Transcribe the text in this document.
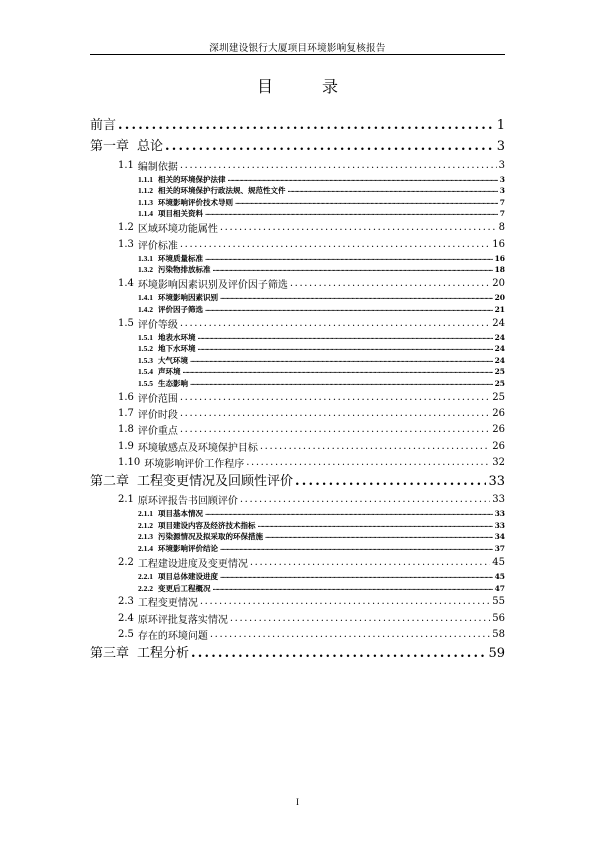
深圳建设银行大厦项目环境影响复核报告
目 录
前言 .....	1
第一章 总论 .....	3
1.1 编制依据 .....	3
1.1.1 相关的环境保护法律 .....	3
1.1.2 相关的环境保护行政法规、规范性文件 .....	3
1.1.3 环境影响评价技术导则 .....	7
1.1.4 项目相关资料 .....	7
1.2 区域环境功能属性 .....	8
1.3 评价标准 .....	16
1.3.1 环境质量标准 .....	16
1.3.2 污染物排放标准 .....	18
1.4 环境影响因素识别及评价因子筛选 .....	20
1.4.1 环境影响因素识别 .....	20
1.4.2 评价因子筛选 .....	21
1.5 评价等级 .....	24
1.5.1 地表水环境 .....	24
1.5.2 地下水环境 .....	24
1.5.3 大气环境 .....	24
1.5.4 声环境 .....	25
1.5.5 生态影响 .....	25
1.6 评价范围 .....	25
1.7 评价时段 .....	26
1.8 评价重点 .....	26
1.9 环境敏感点及环境保护目标 .....	26
1.10 环境影响评价工作程序 .....	32
第二章 工程变更情况及回顾性评价 .....	33
2.1 原环评报告书回顾评价 .....	33
2.1.1 项目基本情况 .....	33
2.1.2 项目建设内容及经济技术指标 .....	33
2.1.3 污染源情况及拟采取的环保措施 .....	34
2.1.4 环境影响评价结论 .....	37
2.2 工程建设进度及变更情况 .....	45
2.2.1 项目总体建设进度 .....	45
2.2.2 变更后工程概况 .....	47
2.3 工程变更情况 .....	55
2.4 原环评批复落实情况 .....	56
2.5 存在的环境问题 .....	58
第三章 工程分析 .....	59
I
